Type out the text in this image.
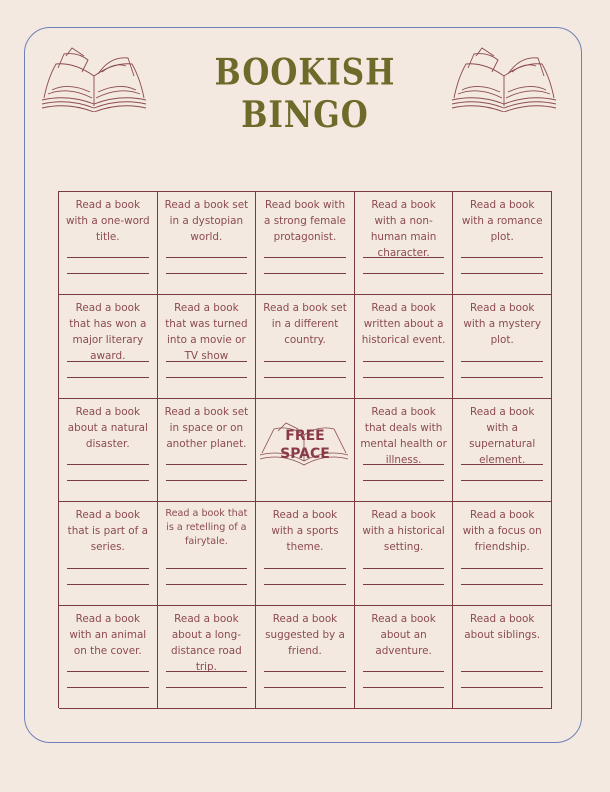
BOOKISH BINGO
Read a book with a one-word title.
Read a book set in a dystopian world.
Read book with a strong female protagonist.
Read a book with a non-human main character.
Read a book with a romance plot.
Read a book that has won a major literary award.
Read a book that was turned into a movie or TV show
Read a book set in a different country.
Read a book written about a historical event.
Read a book with a mystery plot.
Read a book about a natural disaster.
Read a book set in space or on another planet.	FREE
SPACE
Read a book that deals with mental health or illness.
Read a book with a supernatural element.
Read a book that is part of a series.
Read a book that is a retelling of a fairytale.
Read a book with a sports theme.
Read a book with a historical setting.
Read a book with a focus on friendship.
Read a book with an animal on the cover.
Read a book about a long-distance road trip.
Read a book suggested by a friend.
Read a book about an adventure.
Read a book about siblings.
